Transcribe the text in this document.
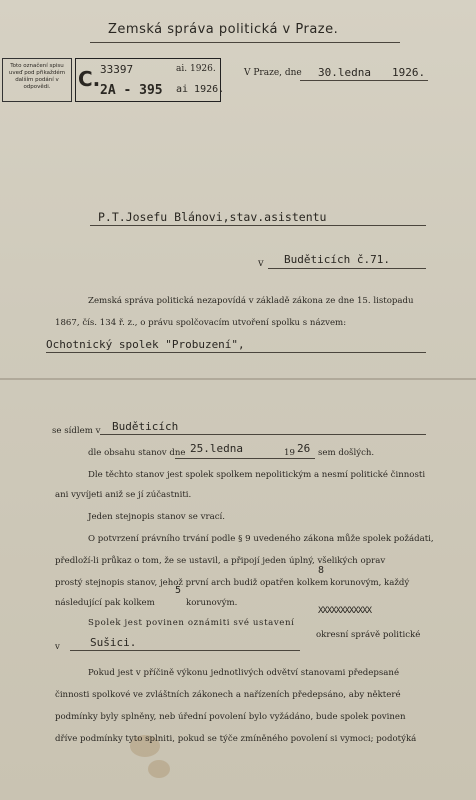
Zemská správa politická v Praze.
Toto označení spisu uveď pod přikaždém dalším podání v odpovědi.	C. 33397	ai. 1926.
2A - 395 ai 1926.
V Praze, dne 30.ledna 1926.
P.T.Josefu Blánovi,stav.asistentu
v Buděticích č.71.
Zemská správa politická nezapovídá v základě zákona ze dne 15. listopadu
1867, čís. 134 ř. z., o právu spolčovacím utvoření spolku s názvem:
Ochotnický spolek "Probuzení",
se sídlem v Buděticích
dle obsahu stanov dne 25.ledna	19 26 sem došlých.
Dle těchto stanov jest spolek spolkem nepolitickým a nesmí politické činnosti
ani vyvíjeti aniž se jí zúčastniti.
Jeden stejnopis stanov se vrací.
O potvrzení právního trvání podle § 9 uvedeného zákona může spolek požádati,
předloží-li průkaz o tom, že se ustavil, a připojí jeden úplný, všelikých oprav
prostý stejnopis stanov, jehož první arch budiž opatřen kolkem
8
korunovým, každý
následující pak kolkem
5
korunovým.
Spolek jest povinen oznámiti své ustavení
XXXXXXXXXXXX
okresní správě politické
v	Sušici.
Pokud jest v příčině výkonu jednotlivých odvětví stanovami předepsané
činnosti spolkové ve zvláštních zákonech a nařízeních předepsáno, aby některé
podmínky byly splněny, neb úřední povolení bylo vyžádáno, bude spolek povinen
dříve podmínky tyto splniti, pokud se týče zmíněného povolení si vymoci; podotýká
